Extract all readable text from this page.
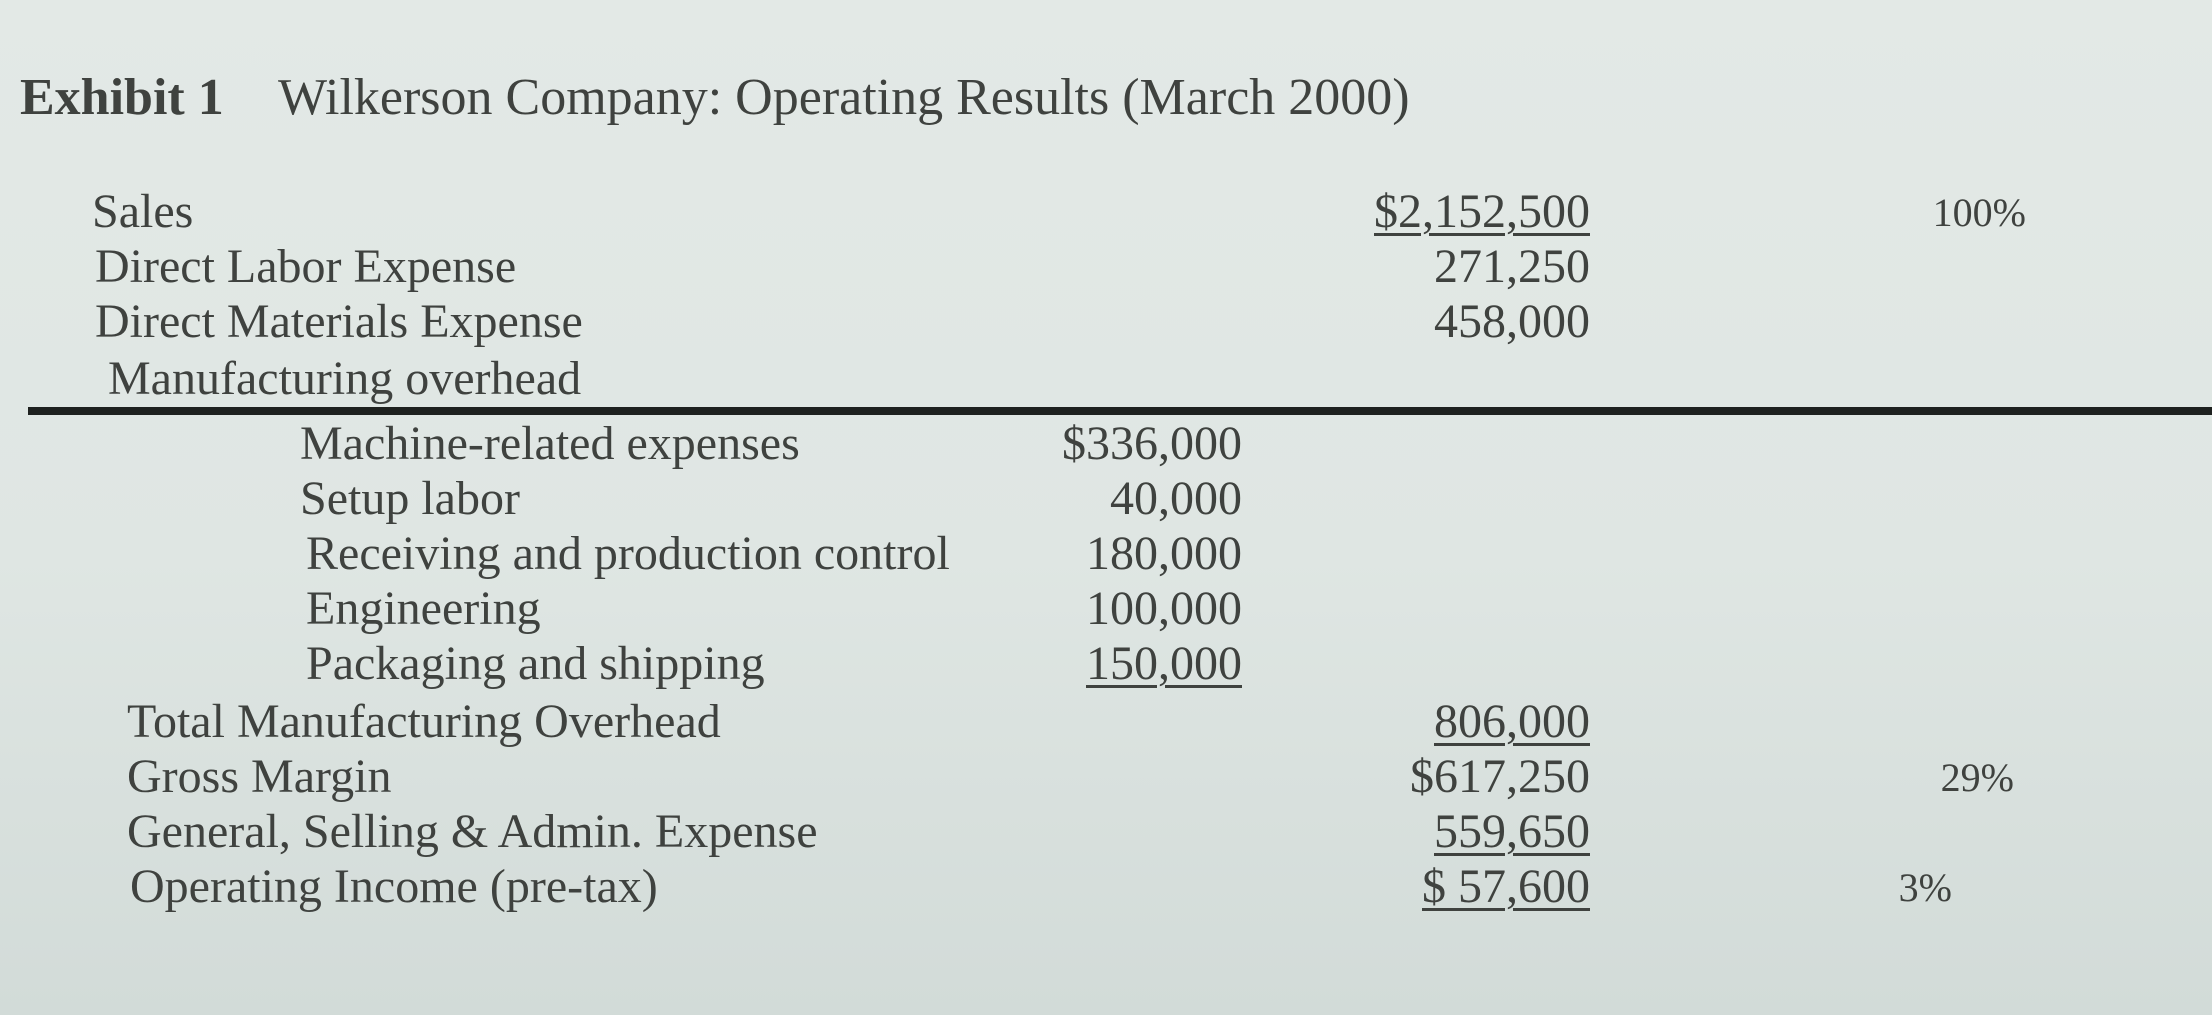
Exhibit 1 Wilkerson Company: Operating Results (March 2000)
Sales	$2,152,500	100%
Direct Labor Expense	271,250
Direct Materials Expense	458,000
Manufacturing overhead
Machine-related expenses	$336,000
Setup labor	40,000
Receiving and production control	180,000
Engineering	100,000
Packaging and shipping	150,000
Total Manufacturing Overhead	806,000
Gross Margin	$617,250	29%
General, Selling & Admin. Expense	559,650
Operating Income (pre-tax)	$ 57,600	3%
